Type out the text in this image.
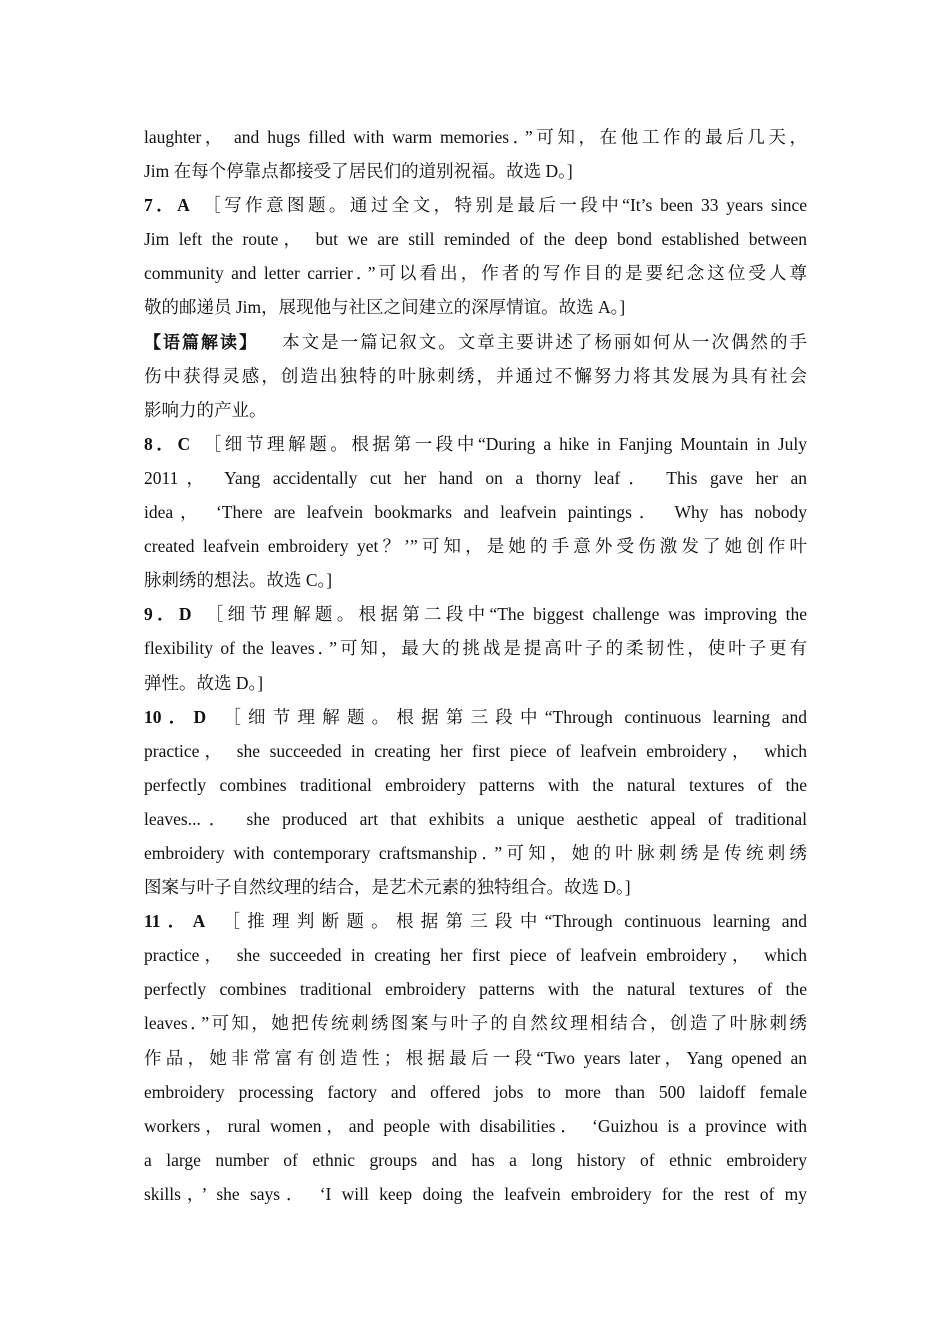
laughter， and hugs filled with warm memories．”可知，在他工作的最后几天，
Jim 在每个停靠点都接受了居民们的道别祝福。故选 D。]
7．A ［写作意图题。通过全文，特别是最后一段中“It’s been 33 years since
Jim left the route， but we are still reminded of the deep bond established between
community and letter carrier．”可以看出，作者的写作目的是要纪念这位受人尊
敬的邮递员 Jim，展现他与社区之间建立的深厚情谊。故选 A。]
【语篇解读】 本文是一篇记叙文。文章主要讲述了杨丽如何从一次偶然的手
伤中获得灵感，创造出独特的叶脉刺绣，并通过不懈努力将其发展为具有社会
影响力的产业。
8．C ［细节理解题。根据第一段中“During a hike in Fanjing Mountain in July
2011， Yang accidentally cut her hand on a thorny leaf． This gave her an
idea， ‘There are leafvein bookmarks and leafvein paintings． Why has nobody
created leafvein embroidery yet？’”可知，是她的手意外受伤激发了她创作叶
脉刺绣的想法。故选 C。]
9．D ［细节理解题。根据第二段中“The biggest challenge was improving the
flexibility of the leaves．”可知，最大的挑战是提高叶子的柔韧性，使叶子更有
弹性。故选 D。]
10．D ［细节理解题。根据第三段中“Through continuous learning and
practice， she succeeded in creating her first piece of leafvein embroidery， which
perfectly combines traditional embroidery patterns with the natural textures of the
leaves...． she produced art that exhibits a unique aesthetic appeal of traditional
embroidery with contemporary craftsmanship．”可知，她的叶脉刺绣是传统刺绣
图案与叶子自然纹理的结合，是艺术元素的独特组合。故选 D。]
11．A ［推理判断题。根据第三段中“Through continuous learning and
practice， she succeeded in creating her first piece of leafvein embroidery， which
perfectly combines traditional embroidery patterns with the natural textures of the
leaves．”可知，她把传统刺绣图案与叶子的自然纹理相结合，创造了叶脉刺绣
作品，她非常富有创造性；根据最后一段“Two years later，Yang opened an
embroidery processing factory and offered jobs to more than 500 laidoff female
workers，rural women，and people with disabilities． ‘Guizhou is a province with
a large number of ethnic groups and has a long history of ethnic embroidery
skills，’ she says． ‘I will keep doing the leafvein embroidery for the rest of my
